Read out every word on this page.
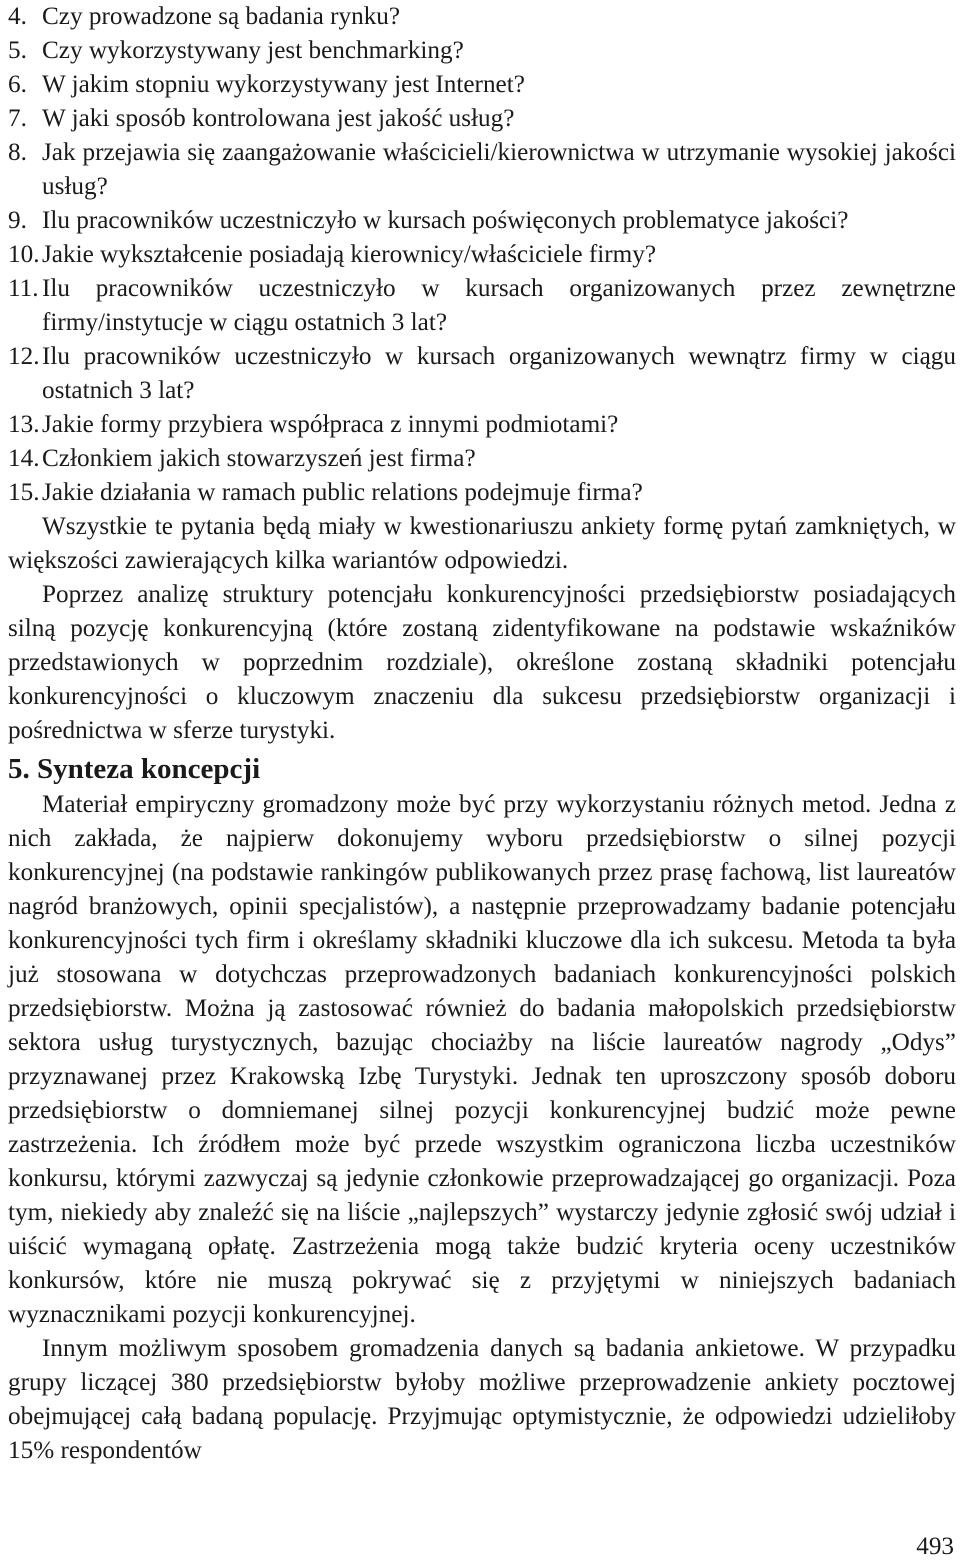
4. Czy prowadzone są badania rynku?
5. Czy wykorzystywany jest benchmarking?
6. W jakim stopniu wykorzystywany jest Internet?
7. W jaki sposób kontrolowana jest jakość usług?
8. Jak przejawia się zaangażowanie właścicieli/kierownictwa w utrzymanie wysokiej jakości usług?
9. Ilu pracowników uczestniczyło w kursach poświęconych problematyce jakości?
10. Jakie wykształcenie posiadają kierownicy/właściciele firmy?
11. Ilu pracowników uczestniczyło w kursach organizowanych przez zewnętrzne firmy/instytucje w ciągu ostatnich 3 lat?
12. Ilu pracowników uczestniczyło w kursach organizowanych wewnątrz firmy w ciągu ostatnich 3 lat?
13. Jakie formy przybiera współpraca z innymi podmiotami?
14. Członkiem jakich stowarzyszeń jest firma?
15. Jakie działania w ramach public relations podejmuje firma?

Wszystkie te pytania będą miały w kwestionariuszu ankiety formę pytań zamkniętych, w większości zawierających kilka wariantów odpowiedzi.

Poprzez analizę struktury potencjału konkurencyjności przedsiębiorstw posiadających silną pozycję konkurencyjną (które zostaną zidentyfikowane na podstawie wskaźników przedstawionych w poprzednim rozdziale), określone zostaną składniki potencjału konkurencyjności o kluczowym znaczeniu dla sukcesu przedsiębiorstw organizacji i pośrednictwa w sferze turystyki.

5. Synteza koncepcji

Materiał empiryczny gromadzony może być przy wykorzystaniu różnych metod. Jedna z nich zakłada, że najpierw dokonujemy wyboru przedsiębiorstw o silnej pozycji konkurencyjnej (na podstawie rankingów publikowanych przez prasę fachową, list laureatów nagród branżowych, opinii specjalistów), a następnie przeprowadzamy badanie potencjału konkurencyjności tych firm i określamy składniki kluczowe dla ich sukcesu. Metoda ta była już stosowana w dotychczas przeprowadzonych badaniach konkurencyjności polskich przedsiębiorstw. Można ją zastosować również do badania małopolskich przedsiębiorstw sektora usług turystycznych, bazując chociażby na liście laureatów nagrody „Odys” przyznawanej przez Krakowską Izbę Turystyki. Jednak ten uproszczony sposób doboru przedsiębiorstw o domniemanej silnej pozycji konkurencyjnej budzić może pewne zastrzeżenia. Ich źródłem może być przede wszystkim ograniczona liczba uczestników konkursu, którymi zazwyczaj są jedynie członkowie przeprowadzającej go organizacji. Poza tym, niekiedy aby znaleźć się na liście „najlepszych” wystarczy jedynie zgłosić swój udział i uiścić wymaganą opłatę. Zastrzeżenia mogą także budzić kryteria oceny uczestników konkursów, które nie muszą pokrywać się z przyjętymi w niniejszych badaniach wyznacznikami pozycji konkurencyjnej.

Innym możliwym sposobem gromadzenia danych są badania ankietowe. W przypadku grupy liczącej 380 przedsiębiorstw byłoby możliwe przeprowadzenie ankiety pocztowej obejmującej całą badaną populację. Przyjmując optymistycznie, że odpowiedzi udzieliłoby 15% respondentów

493
